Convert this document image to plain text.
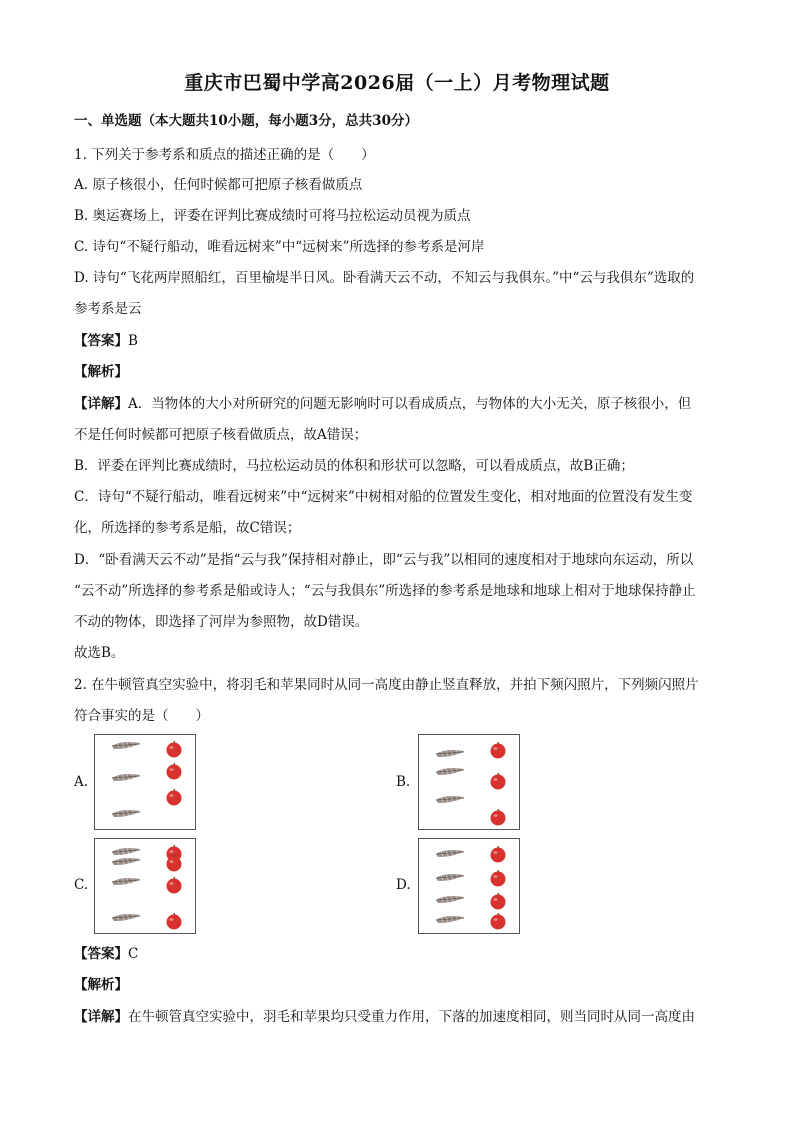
重庆市巴蜀中学高2026届（一上）月考物理试题
一、单选题（本大题共10小题，每小题3分，总共30分）
1. 下列关于参考系和质点的描述正确的是（　　）
A. 原子核很小，任何时候都可把原子核看做质点
B. 奥运赛场上，评委在评判比赛成绩时可将马拉松运动员视为质点
C. 诗句“不疑行船动，唯看远树来”中“远树来”所选择的参考系是河岸
D. 诗句“飞花两岸照船红，百里榆堤半日风。卧看满天云不动，不知云与我俱东。”中“云与我俱东”选取的
参考系是云
【答案】B
【解析】
【详解】A．当物体的大小对所研究的问题无影响时可以看成质点，与物体的大小无关，原子核很小，但
不是任何时候都可把原子核看做质点，故A错误；
B．评委在评判比赛成绩时，马拉松运动员的体积和形状可以忽略，可以看成质点，故B正确；
C．诗句“不疑行船动，唯看远树来”中“远树来”中树相对船的位置发生变化，相对地面的位置没有发生变
化，所选择的参考系是船，故C错误；
D．“卧看满天云不动”是指“云与我”保持相对静止，即“云与我”以相同的速度相对于地球向东运动，所以
“云不动”所选择的参考系是船或诗人；“云与我俱东”所选择的参考系是地球和地球上相对于地球保持静止
不动的物体，即选择了河岸为参照物，故D错误。
故选B。
2. 在牛顿管真空实验中，将羽毛和苹果同时从同一高度由静止竖直释放，并拍下频闪照片，下列频闪照片
符合事实的是（　　）
A.	B.
C.	D.
【答案】C
【解析】
【详解】在牛顿管真空实验中，羽毛和苹果均只受重力作用，下落的加速度相同，则当同时从同一高度由
